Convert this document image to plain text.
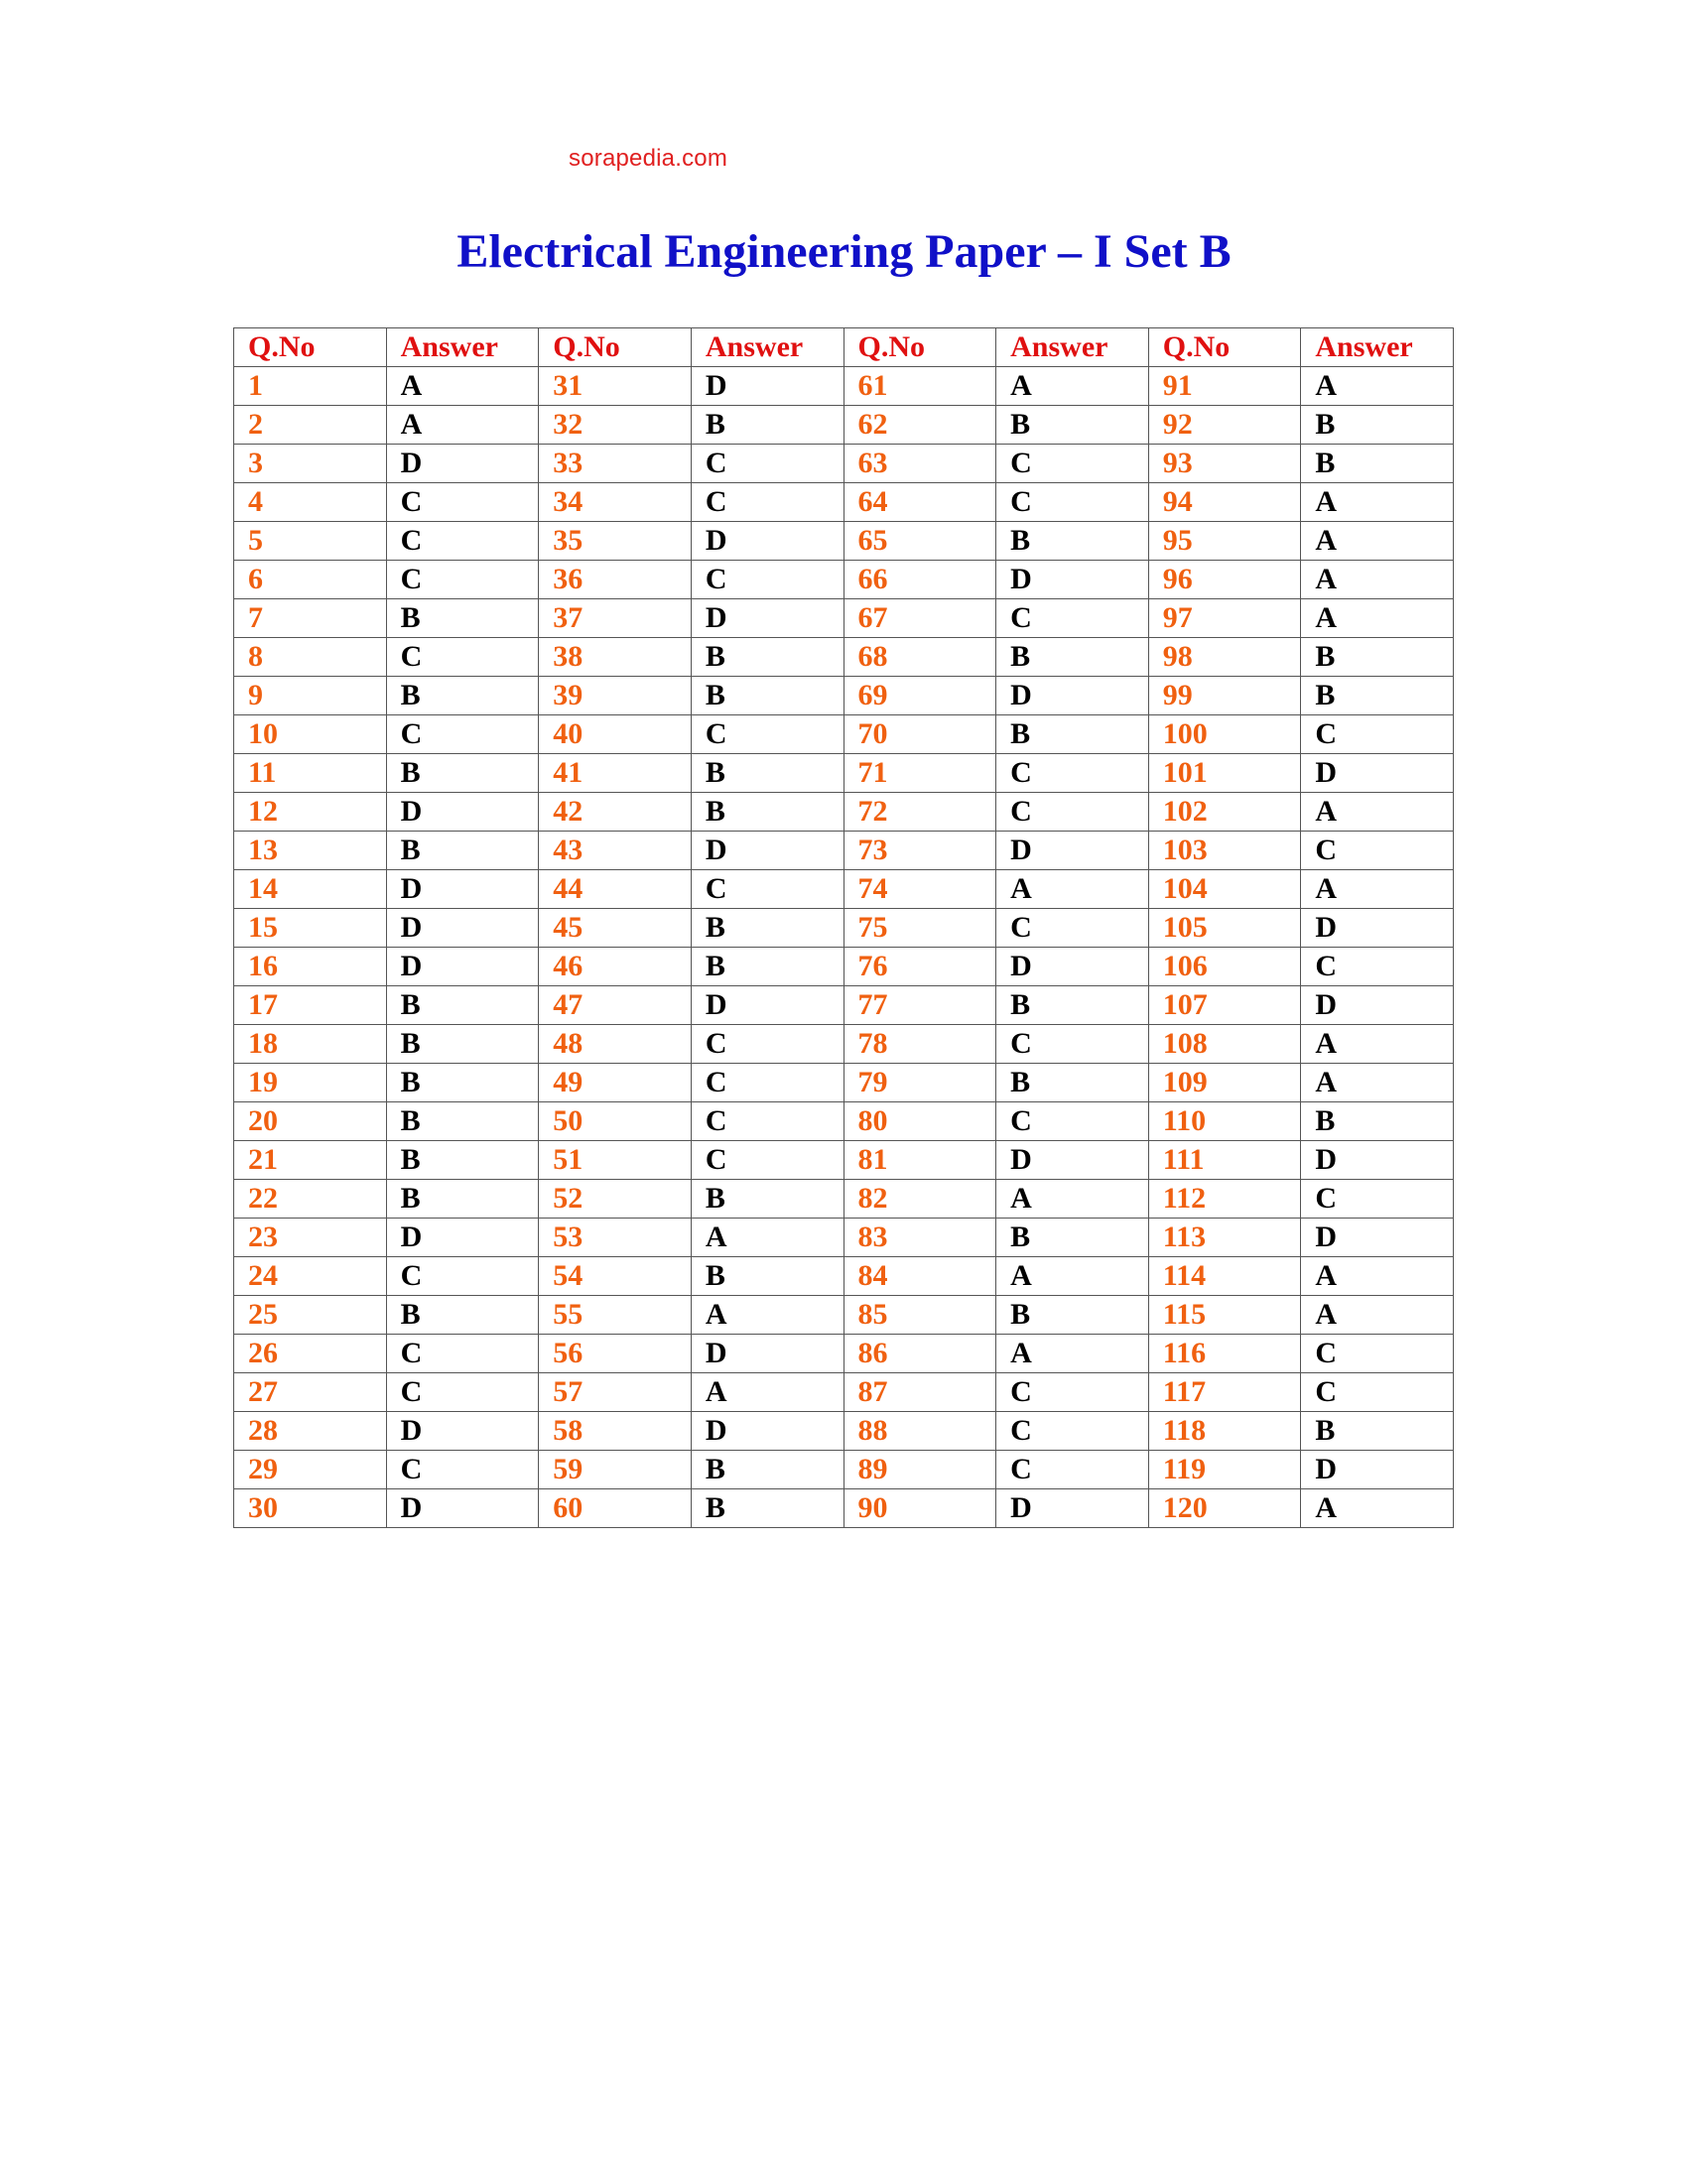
sorapedia.com
Electrical Engineering Paper – I Set B
Q.No	Answer	Q.No	Answer	Q.No	Answer	Q.No	Answer
1	A	31	D	61	A	91	A
2	A	32	B	62	B	92	B
3	D	33	C	63	C	93	B
4	C	34	C	64	C	94	A
5	C	35	D	65	B	95	A
6	C	36	C	66	D	96	A
7	B	37	D	67	C	97	A
8	C	38	B	68	B	98	B
9	B	39	B	69	D	99	B
10	C	40	C	70	B	100	C
11	B	41	B	71	C	101	D
12	D	42	B	72	C	102	A
13	B	43	D	73	D	103	C
14	D	44	C	74	A	104	A
15	D	45	B	75	C	105	D
16	D	46	B	76	D	106	C
17	B	47	D	77	B	107	D
18	B	48	C	78	C	108	A
19	B	49	C	79	B	109	A
20	B	50	C	80	C	110	B
21	B	51	C	81	D	111	D
22	B	52	B	82	A	112	C
23	D	53	A	83	B	113	D
24	C	54	B	84	A	114	A
25	B	55	A	85	B	115	A
26	C	56	D	86	A	116	C
27	C	57	A	87	C	117	C
28	D	58	D	88	C	118	B
29	C	59	B	89	C	119	D
30	D	60	B	90	D	120	A
